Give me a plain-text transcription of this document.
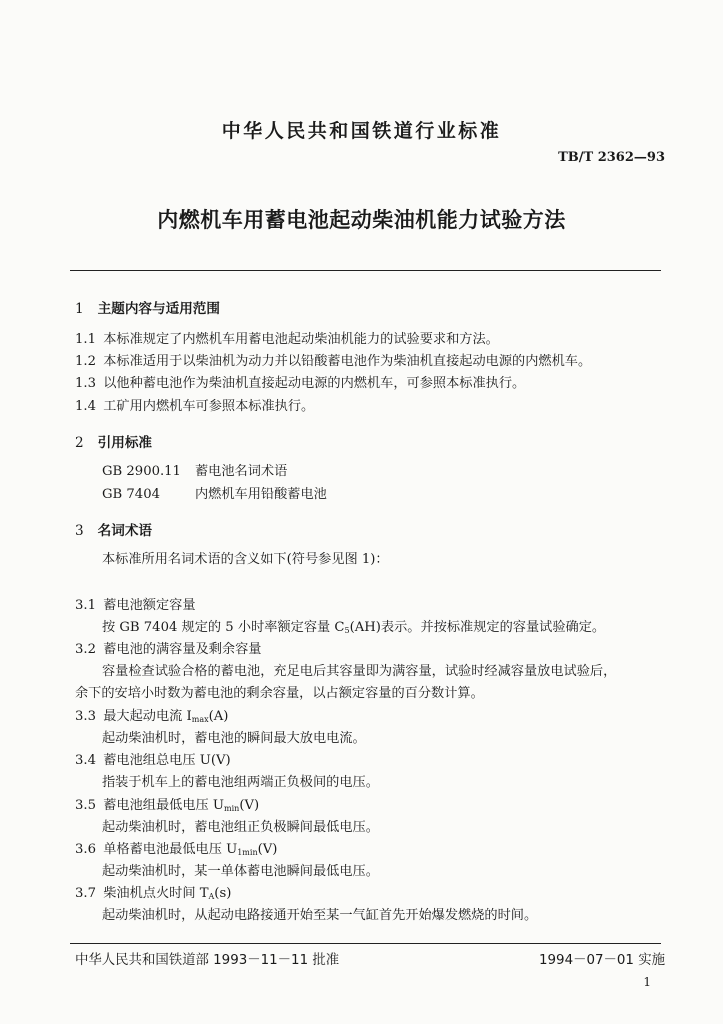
中华人民共和国铁道行业标准
TB/T 2362—93
内燃机车用蓄电池起动柴油机能力试验方法
1 主题内容与适用范围
1.1 本标准规定了内燃机车用蓄电池起动柴油机能力的试验要求和方法。
1.2 本标准适用于以柴油机为动力并以铅酸蓄电池作为柴油机直接起动电源的内燃机车。
1.3 以他种蓄电池作为柴油机直接起动电源的内燃机车，可参照本标准执行。
1.4 工矿用内燃机车可参照本标准执行。
2 引用标准
GB 2900.11 蓄电池名词术语
GB 7404	内燃机车用铅酸蓄电池
3 名词术语
本标准所用名词术语的含义如下(符号参见图 1)：
3.1 蓄电池额定容量
按 GB 7404 规定的 5 小时率额定容量 $C_5(AH)$表示。并按标准规定的容量试验确定。
3.2 蓄电池的满容量及剩余容量
容量检查试验合格的蓄电池，充足电后其容量即为满容量，试验时经减容量放电试验后，
余下的安培小时数为蓄电池的剩余容量，以占额定容量的百分数计算。
3.3 最大起动电流 $I_{max}(A)$
起动柴油机时，蓄电池的瞬间最大放电电流。
3.4 蓄电池组总电压 U(V)
指装于机车上的蓄电池组两端正负极间的电压。
3.5 蓄电池组最低电压 $U_{min}(V)$
起动柴油机时，蓄电池组正负极瞬间最低电压。
3.6 单格蓄电池最低电压 $U_{1min}(V)$
起动柴油机时，某一单体蓄电池瞬间最低电压。
3.7 柴油机点火时间 $T_A(s)$
起动柴油机时，从起动电路接通开始至某一气缸首先开始爆发燃烧的时间。
中华人民共和国铁道部 1993－11－11 批准	1994－07－01 实施
1
